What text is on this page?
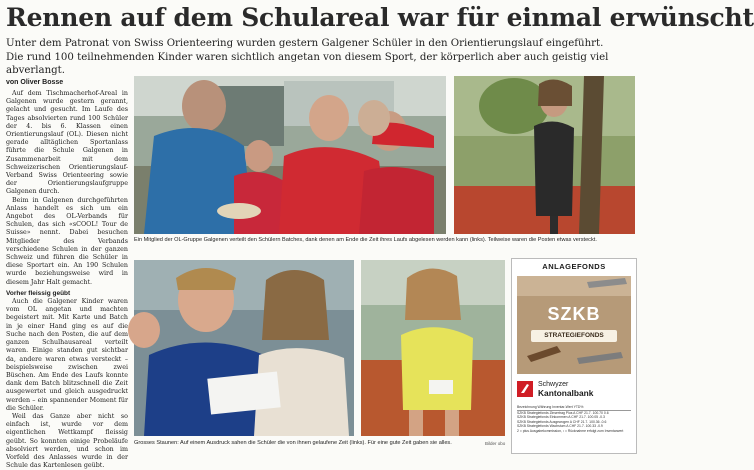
Rennen auf dem Schulareal war für einmal erwünscht
Unter dem Patronat von Swiss Orienteering wurden gestern Galgener Schüler in den Orientierungslauf eingeführt.
Die rund 100 teilnehmenden Kinder waren sichtlich angetan von diesem Sport, der körperlich aber auch geistig viel abverlangt.
von Oliver Bosse

Auf dem Tischmacherhof-Areal in Galgenen wurde gestern gerannt, gelacht und gesucht. Im Laufe des Tages absolvierten rund 100 Schüler der 4. bis 6. Klassen einen Orientierungslauf (OL). Diesen nicht gerade alltäglichen Sportanlass führte die Schule Galgenen in Zusammenarbeit mit dem Schweizerischen Orientierungslauf-Verband Swiss Orienteering sowie der Orientierungslaufgruppe Galgenen durch.

Beim in Galgenen durchgeführten Anlass handelt es sich um ein Angebot des OL-Verbands für Schulen, das sich «sCOOL! Tour de Suisse» nennt. Dabei besuchen Mitglieder des Verbands verschiedene Schulen in der ganzen Schweiz und führen die Schüler in diese Sportart ein. An 190 Schulen wurde beziehungsweise wird in diesem Jahr Halt gemacht.

Vorher fleissig geübt

Auch die Galgener Kinder waren vom OL angetan und machten begeistert mit. Mit Karte und Batch in je einer Hand ging es auf die Suche nach den Posten, die auf dem ganzen Schulhausareal verteilt waren. Einige standen gut sichtbar da, andere waren etwas versteckt – beispielsweise zwischen zwei Büschen. Am Ende des Laufs konnte dank dem Batch blitzschnell die Zeit ausgewertet und gleich ausgedruckt werden – ein spannender Moment für die Schüler.

Weil das Ganze aber nicht so einfach ist, wurde vor dem eigentlichen Wettkampf fleissig geübt. So konnten einige Probeläufe absolviert werden, und schon im Vorfeld des Anlasses wurde in der Schule das Kartenlesen geübt.

Ein Mitglied der OL-Gruppe Galgenen verteilt den Schülern Batches, dank denen am Ende die Zeit ihres Laufs abgelesen werden kann (links). Teilweise waren die Posten etwas versteckt.
Grosses Staunen: Auf einem Ausdruck sahen die Schüler die von ihnen gelaufene Zeit (links). Für eine gute Zeit gaben sie alles.	Bilder obo
ANLAGEFONDS
SZKB
STRATEGIEFONDS
Schwyzer
Kantonalbank
Bezeichnung Währung Inventar-Wert YTD%
SZKB Strategiefonds Zinsertrag Plus A CHF 21.7. 100.70 0.6
SZKB Strategiefonds Einkommen A CHF 21.7. 100.05 -0.3
SZKB Strategiefonds Ausgewogen A CHF 21.7. 100.36 -0.6
SZKB Strategiefonds Wachstum A CHF 21.7. 100.33 -0.9
2 = plus Ausgabekommission, ¹ = Rücknahme erfolgt zum Inventarwert
